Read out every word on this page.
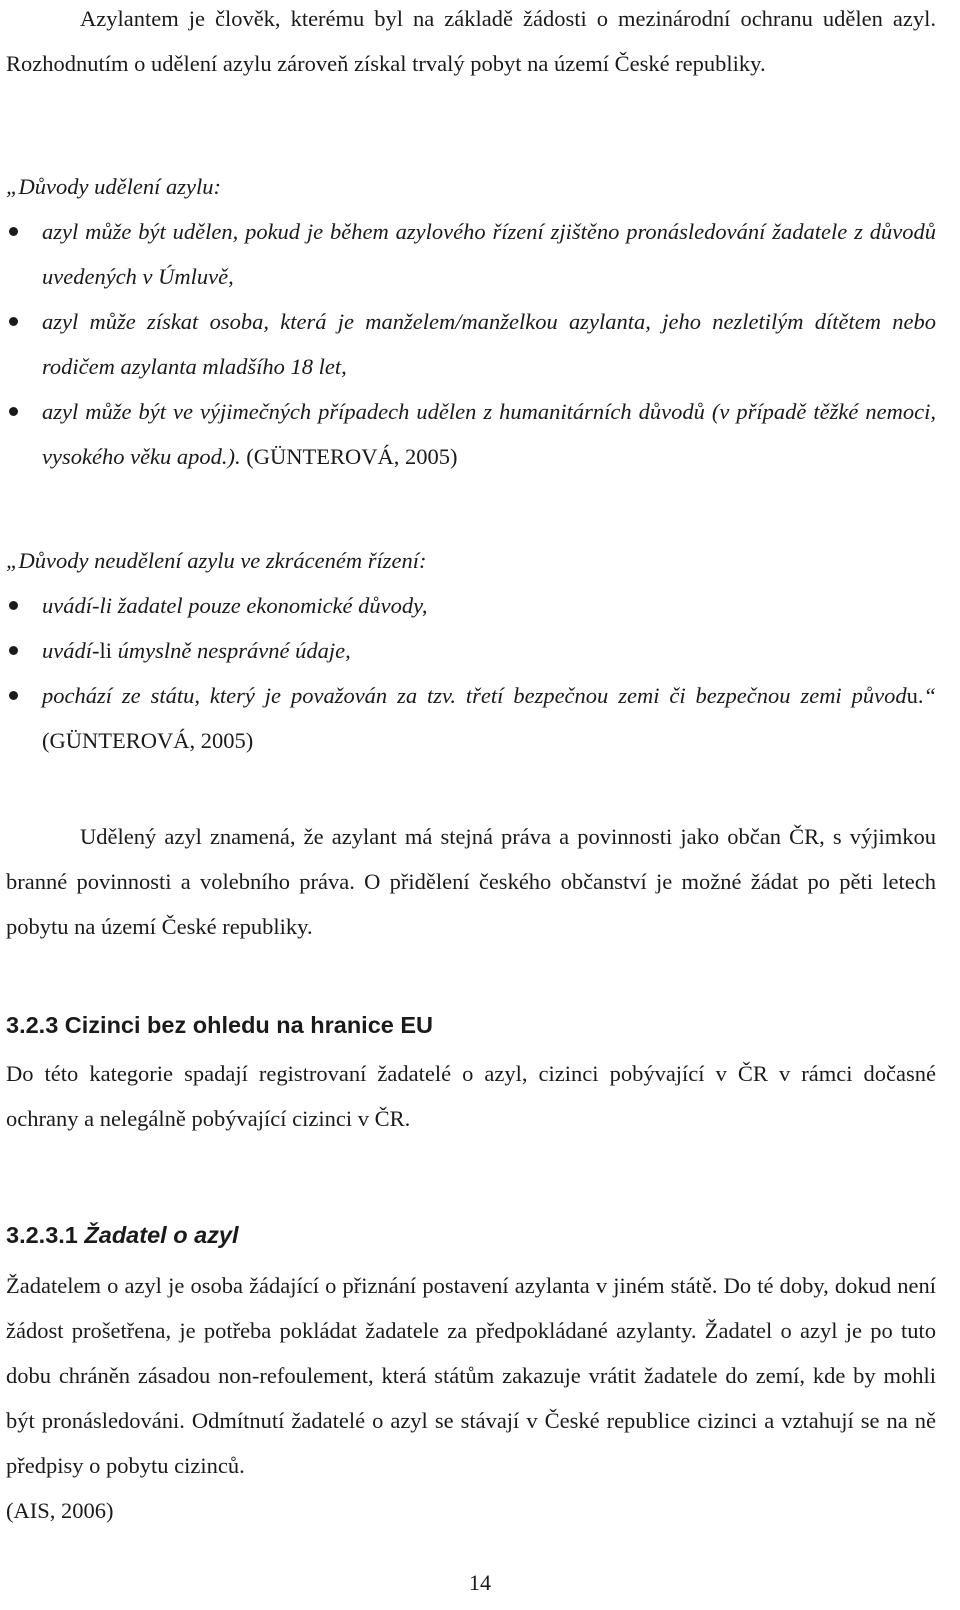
Azylantem je člověk, kterému byl na základě žádosti o mezinárodní ochranu udělen azyl. Rozhodnutím o udělení azylu zároveň získal trvalý pobyt na území České republiky.

„Důvody udělení azylu:

azyl může být udělen, pokud je během azylového řízení zjištěno pronásledování žadatele z důvodů uvedených v Úmluvě,
azyl může získat osoba, která je manželem/manželkou azylanta, jeho nezletilým dítětem nebo rodičem azylanta mladšího 18 let,
azyl může být ve výjimečných případech udělen z humanitárních důvodů (v případě těžké nemoci, vysokého věku apod.). (GÜNTEROVÁ, 2005)

„Důvody neudělení azylu ve zkráceném řízení:

uvádí-li žadatel pouze ekonomické důvody,
uvádí-li úmyslně nesprávné údaje,
pochází ze státu, který je považován za tzv. třetí bezpečnou zemi či bezpečnou zemi původu.“ (GÜNTEROVÁ, 2005)

Udělený azyl znamená, že azylant má stejná práva a povinnosti jako občan ČR, s výjimkou branné povinnosti a volebního práva. O přidělení českého občanství je možné žádat po pěti letech pobytu na území České republiky.

3.2.3 Cizinci bez ohledu na hranice EU

Do této kategorie spadají registrovaní žadatelé o azyl, cizinci pobývající v ČR v rámci dočasné ochrany a nelegálně pobývající cizinci v ČR.

3.2.3.1 Žadatel o azyl

Žadatelem o azyl je osoba žádající o přiznání postavení azylanta v jiném státě. Do té doby, dokud není žádost prošetřena, je potřeba pokládat žadatele za předpokládané azylanty. Žadatel o azyl je po tuto dobu chráněn zásadou non-refoulement, která státům zakazuje vrátit žadatele do zemí, kde by mohli být pronásledováni. Odmítnutí žadatelé o azyl se stávají v České republice cizinci a vztahují se na ně předpisy o pobytu cizinců.

(AIS, 2006)

14
